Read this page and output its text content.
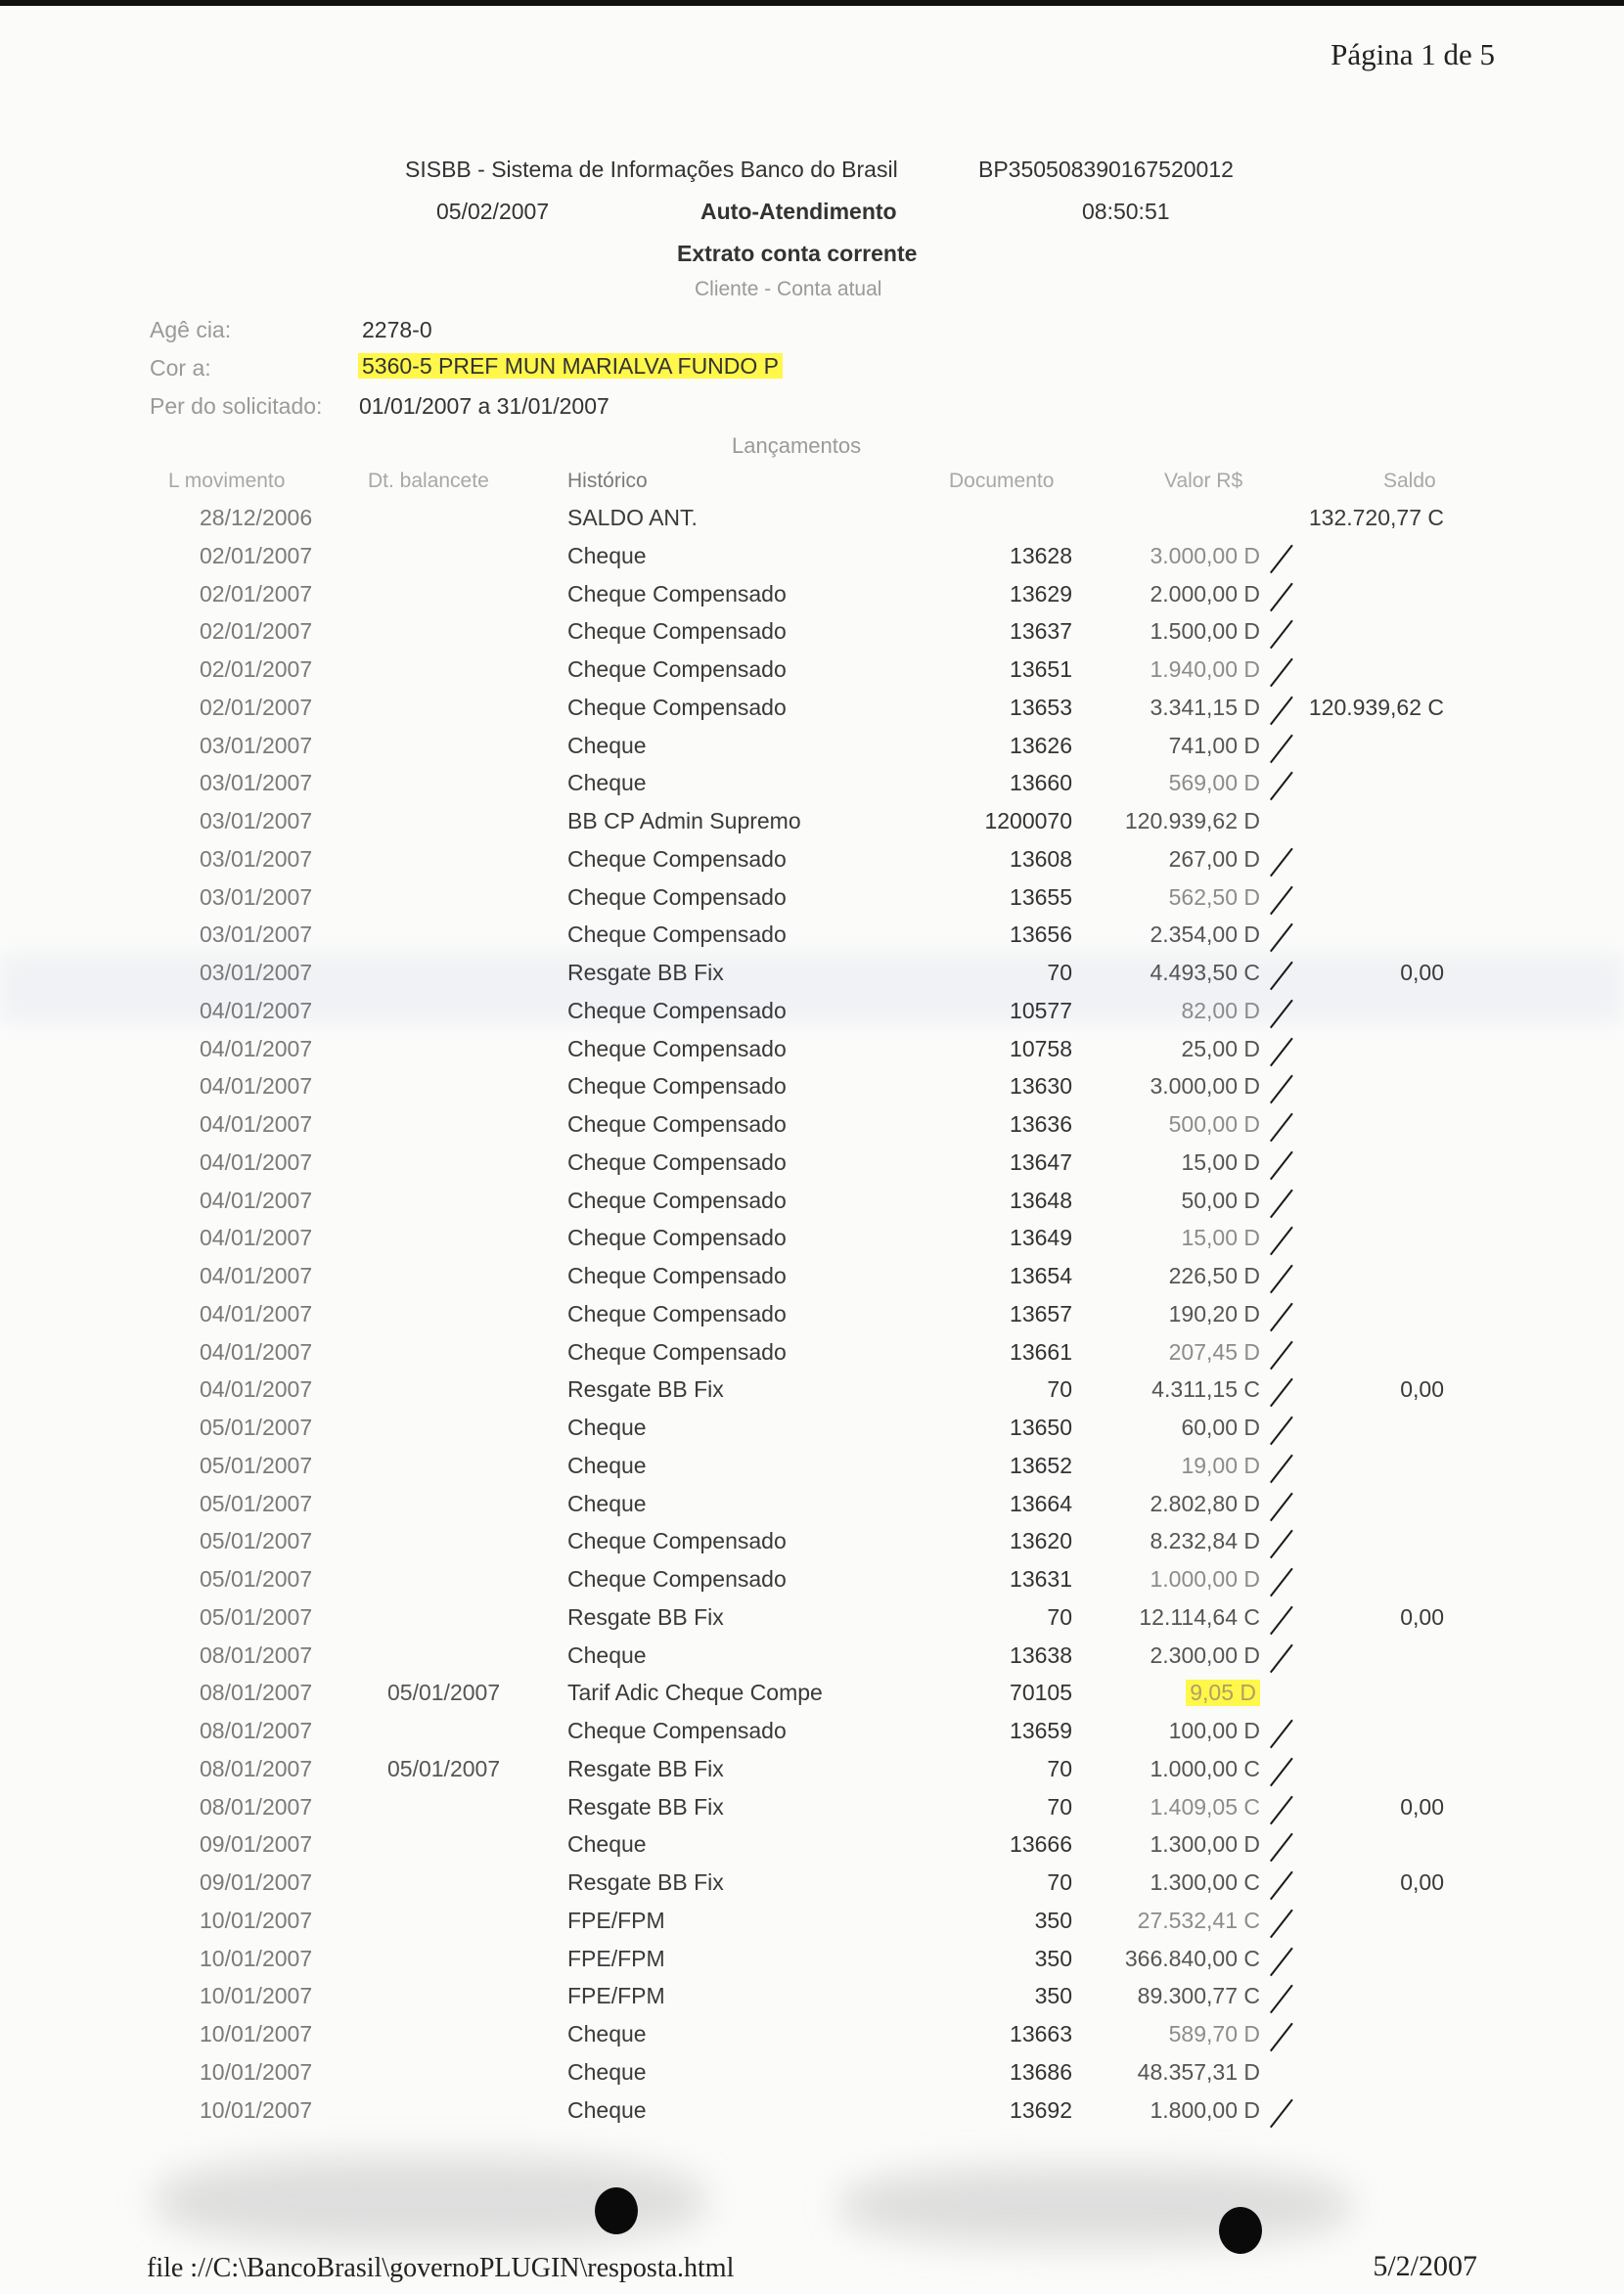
Página 1 de 5
SISBB - Sistema de Informações Banco do Brasil	BP350508390167520012
05/02/2007	Auto-Atendimento	08:50:51
Extrato conta corrente
Cliente - Conta atual
Agê cia:	2278-0
Cor a:	5360-5 PREF MUN MARIALVA FUNDO P
Per do solicitado: 01/01/2007 a 31/01/2007
Lançamentos
L movimento	Dt. balancete	Histórico	Documento	Valor R$	Saldo
28/12/2006	SALDO ANT.	132.720,77 C
02/01/2007	Cheque	13628	3.000,00 D
02/01/2007	Cheque Compensado	13629	2.000,00 D
02/01/2007	Cheque Compensado	13637	1.500,00 D
02/01/2007	Cheque Compensado	13651	1.940,00 D
02/01/2007	Cheque Compensado	13653	3.341,15 D 120.939,62 C
03/01/2007	Cheque	13626	741,00 D
03/01/2007	Cheque	13660	569,00 D
03/01/2007	BB CP Admin Supremo	1200070 120.939,62 D
03/01/2007	Cheque Compensado	13608	267,00 D
03/01/2007	Cheque Compensado	13655	562,50 D
03/01/2007	Cheque Compensado	13656	2.354,00 D
03/01/2007	Resgate BB Fix	70	4.493,50 C	0,00
04/01/2007	Cheque Compensado	10577	82,00 D
04/01/2007	Cheque Compensado	10758	25,00 D
04/01/2007	Cheque Compensado	13630	3.000,00 D
04/01/2007	Cheque Compensado	13636	500,00 D
04/01/2007	Cheque Compensado	13647	15,00 D
04/01/2007	Cheque Compensado	13648	50,00 D
04/01/2007	Cheque Compensado	13649	15,00 D
04/01/2007	Cheque Compensado	13654	226,50 D
04/01/2007	Cheque Compensado	13657	190,20 D
04/01/2007	Cheque Compensado	13661	207,45 D
04/01/2007	Resgate BB Fix	70	4.311,15 C	0,00
05/01/2007	Cheque	13650	60,00 D
05/01/2007	Cheque	13652	19,00 D
05/01/2007	Cheque	13664	2.802,80 D
05/01/2007	Cheque Compensado	13620	8.232,84 D
05/01/2007	Cheque Compensado	13631	1.000,00 D
05/01/2007	Resgate BB Fix	70	12.114,64 C	0,00
08/01/2007	Cheque	13638	2.300,00 D
08/01/2007	05/01/2007	Tarif Adic Cheque Compe	70105	9,05 D
08/01/2007	Cheque Compensado	13659	100,00 D
08/01/2007	05/01/2007	Resgate BB Fix	70	1.000,00 C
08/01/2007	Resgate BB Fix	70	1.409,05 C	0,00
09/01/2007	Cheque	13666	1.300,00 D
09/01/2007	Resgate BB Fix	70	1.300,00 C	0,00
10/01/2007	FPE/FPM	350	27.532,41 C
10/01/2007	FPE/FPM	350 366.840,00 C
10/01/2007	FPE/FPM	350	89.300,77 C
10/01/2007	Cheque	13663	589,70 D
10/01/2007	Cheque	13686	48.357,31 D
10/01/2007	Cheque	13692	1.800,00 D
file ://C:\BancoBrasil\governoPLUGIN\resposta.html	5/2/2007
